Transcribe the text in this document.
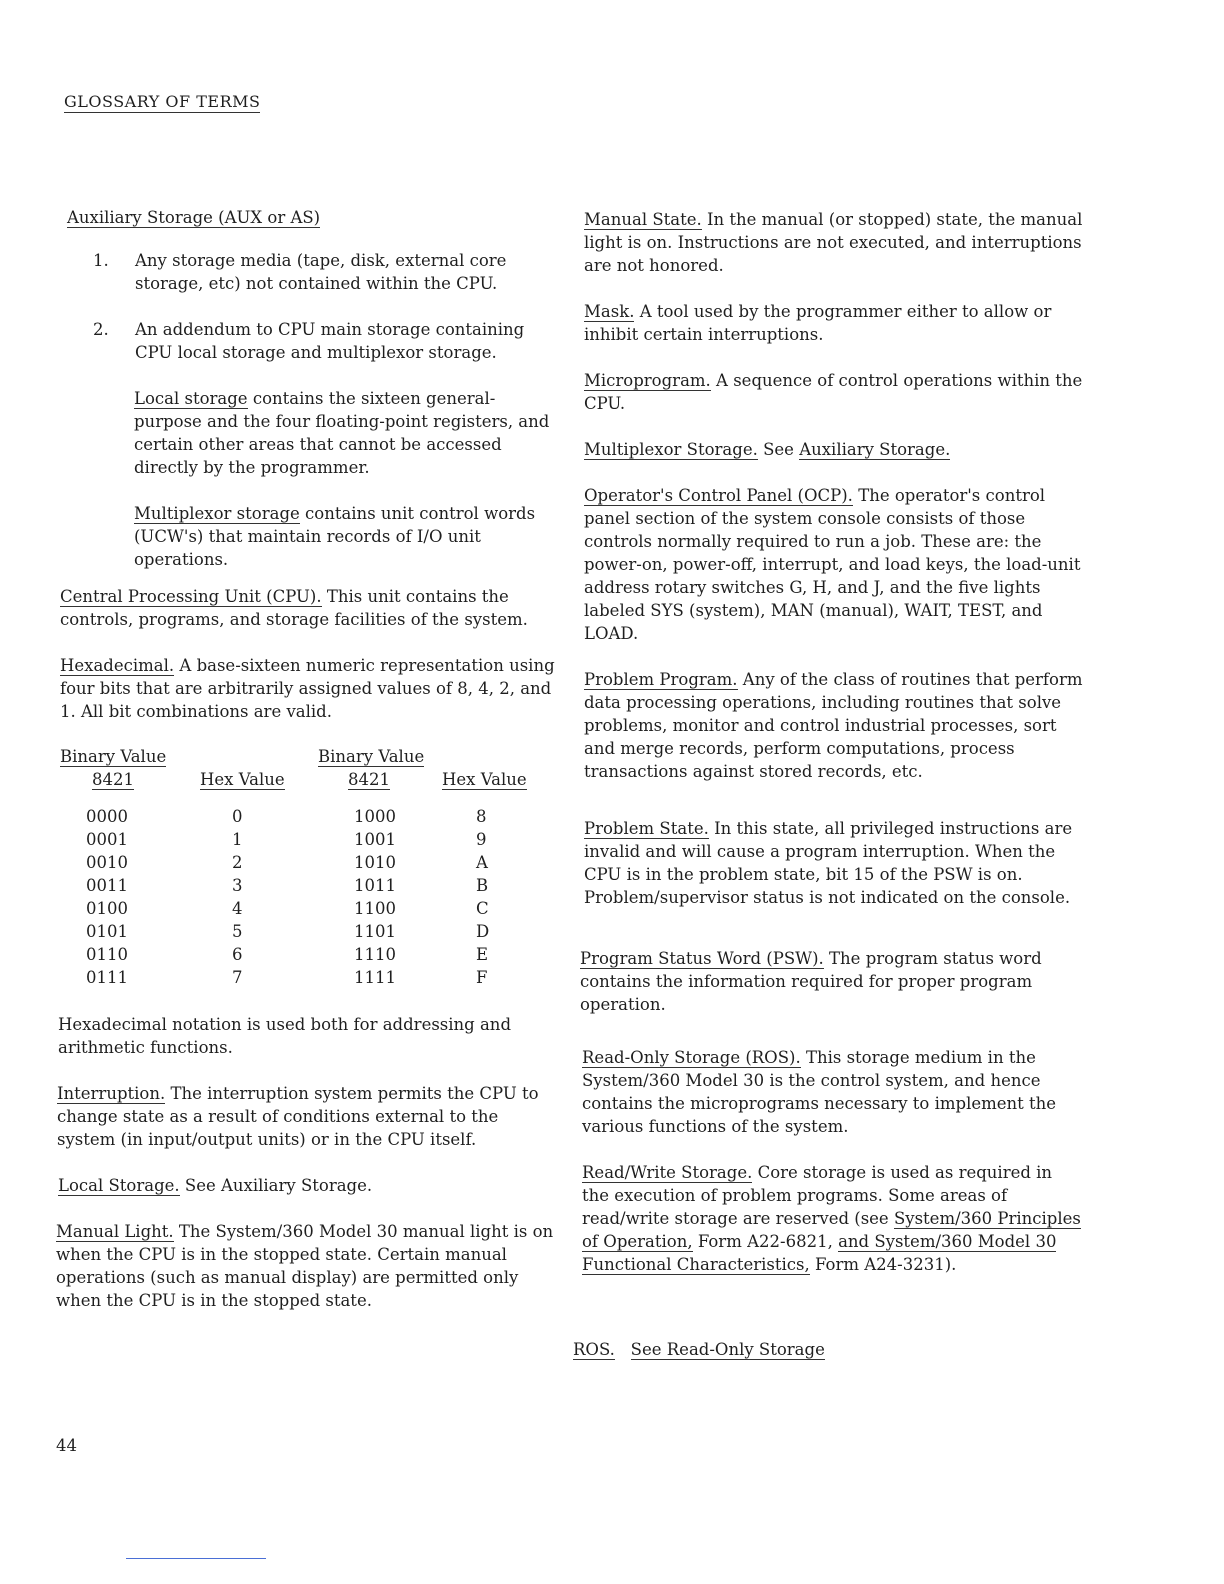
GLOSSARY OF TERMS
Auxiliary Storage (AUX or AS)
1.	Any storage media (tape, disk, external core storage, etc) not contained within the CPU.
2.	An addendum to CPU main storage containing CPU local storage and multiplexor storage.
Local storage contains the sixteen general-purpose and the four floating-point registers, and certain other areas that cannot be accessed directly by the programmer.
Multiplexor storage contains unit control words (UCW's) that maintain records of I/O unit operations.
Central Processing Unit (CPU). This unit contains the controls, programs, and storage facilities of the system.
Hexadecimal. A base-sixteen numeric representation using four bits that are arbitrarily assigned values of 8, 4, 2, and 1. All bit combinations are valid.
Binary Value		Binary Value	
8421	Hex Value	8421	Hex Value

0000	0	1000	8
0001	1	1001	9
0010	2	1010	A
0011	3	1011	B
0100	4	1100	C
0101	5	1101	D
0110	6	1110	E
0111	7	1111	F
Hexadecimal notation is used both for addressing and arithmetic functions.
Interruption. The interruption system permits the CPU to change state as a result of conditions external to the system (in input/output units) or in the CPU itself.
Local Storage. See Auxiliary Storage.
Manual Light. The System/360 Model 30 manual light is on when the CPU is in the stopped state. Certain manual operations (such as manual display) are permitted only when the CPU is in the stopped state.
Manual State. In the manual (or stopped) state, the manual light is on. Instructions are not executed, and interruptions are not honored.
Mask. A tool used by the programmer either to allow or inhibit certain interruptions.
Microprogram. A sequence of control operations within the CPU.
Multiplexor Storage. See Auxiliary Storage.
Operator's Control Panel (OCP). The operator's control panel section of the system console consists of those controls normally required to run a job. These are: the power-on, power-off, interrupt, and load keys, the load-unit address rotary switches G, H, and J, and the five lights labeled SYS (system), MAN (manual), WAIT, TEST, and LOAD.
Problem Program. Any of the class of routines that perform data processing operations, including routines that solve problems, monitor and control industrial processes, sort and merge records, perform computations, process transactions against stored records, etc.
Problem State. In this state, all privileged instructions are invalid and will cause a program interruption. When the CPU is in the problem state, bit 15 of the PSW is on. Problem/supervisor status is not indicated on the console.
Program Status Word (PSW). The program status word contains the information required for proper program operation.
Read-Only Storage (ROS). This storage medium in the System/360 Model 30 is the control system, and hence contains the microprograms necessary to implement the various functions of the system.
Read/Write Storage. Core storage is used as required in the execution of problem programs. Some areas of read/write storage are reserved (see System/360 Principles of Operation, Form A22-6821, and System/360 Model 30 Functional Characteristics, Form A24-3231).
ROS. See Read-Only Storage
44
